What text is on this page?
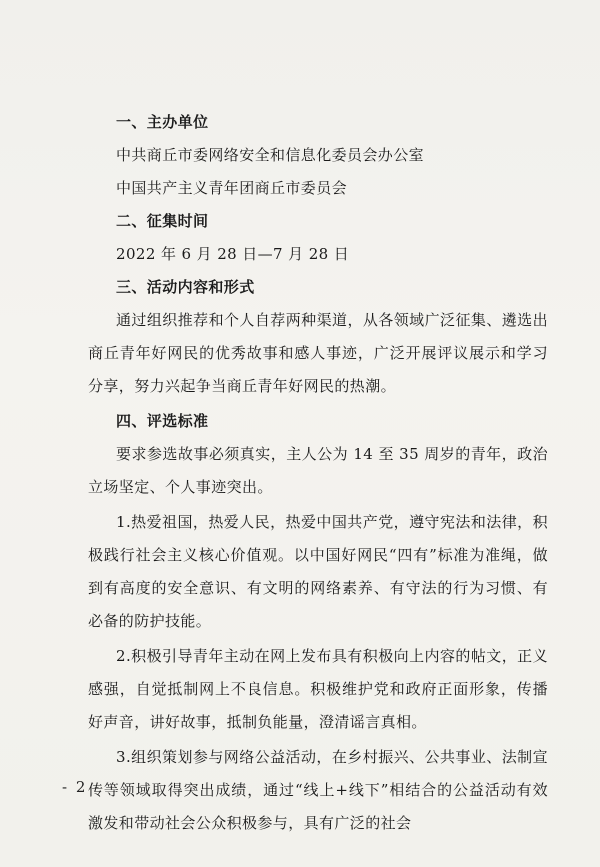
一、主办单位
中共商丘市委网络安全和信息化委员会办公室
中国共产主义青年团商丘市委员会
二、征集时间
2022 年 6 月 28 日—7 月 28 日
三、活动内容和形式
通过组织推荐和个人自荐两种渠道，从各领域广泛征集、遴选出商丘青年好网民的优秀故事和感人事迹，广泛开展评议展示和学习分享，努力兴起争当商丘青年好网民的热潮。
四、评选标准
要求参选故事必须真实，主人公为 14 至 35 周岁的青年，政治立场坚定、个人事迹突出。
1.热爱祖国，热爱人民，热爱中国共产党，遵守宪法和法律，积极践行社会主义核心价值观。以中国好网民“四有”标准为准绳，做到有高度的安全意识、有文明的网络素养、有守法的行为习惯、有必备的防护技能。
2.积极引导青年主动在网上发布具有积极向上内容的帖文，正义感强，自觉抵制网上不良信息。积极维护党和政府正面形象，传播好声音，讲好故事，抵制负能量，澄清谣言真相。
3.组织策划参与网络公益活动，在乡村振兴、公共事业、法制宣传等领域取得突出成绩，通过“线上+线下”相结合的公益活动有效激发和带动社会公众积极参与，具有广泛的社会
- 2 -
